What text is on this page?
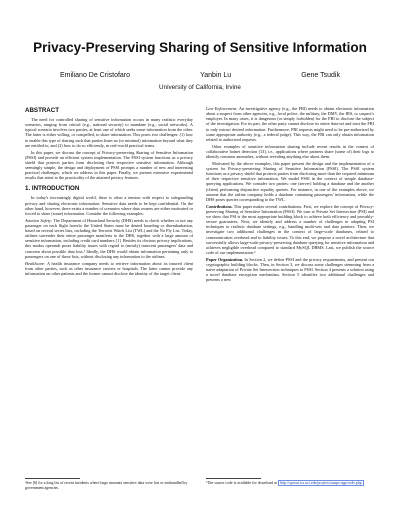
Privacy-Preserving Sharing of Sensitive Information
Emiliano De Cristofaro	Yanbin Lu	Gene Tsudik
University of California, Irvine
ABSTRACT

The need for controlled sharing of sensitive information occurs in many realistic everyday scenarios, ranging from critical (e.g., national security) to mundane (e.g., social networks). A typical scenario involves two parties, at least one of which seeks some information from the other. The latter is either willing, or compelled, to share information. This poses two challenges: (1) how to enable this type of sharing such that parties learn no (or minimal) information beyond what they are entitled to, and (2) how to do so efficiently, in real-world practical terms.

In this paper, we discuss the concept of Privacy-preserving Sharing of Sensitive Information (PSSI) and provide an efficient system implementation. The PSSI system functions as a privacy shield that protects parties from disclosing their respective sensitive information. Although seemingly simple, the design and deployment of PSSI prompts a number of new and interesting practical challenges, which we address in this paper. Finally, we present extensive experimental results that attest to the practicality of the attained privacy features.

1. INTRODUCTION

In today's increasingly digital world, there is often a tension with respect to safeguarding privacy and sharing electronic information. Sensitive data needs to be kept confidential. On the other hand, however, there exists a number of scenarios where data owners are either motivated or forced to share (some) information. Consider the following examples:

Aviation Safety: The Department of Homeland Security (DHS) needs to check whether or not any passenger on each flight from/to the United States must be denied boarding or disembarkation, based on several secret lists, including the Terrorist Watch List (TWL) and the No Fly List. Today, airlines surrender their entire passenger manifests to the DHS, together with a large amount of sensitive information, including credit card numbers [1]. Besides its obvious privacy implications, this modus operandi poses liability issues with regard to (mostly) innocent passengers' data and concerns about possible data loss.¹ Ideally, the DHS would obtain information pertaining only to passengers on one of those lists, without disclosing any information to the airlines.

Healthcare: A health insurance company needs to retrieve information about its insured client from other parties, such as other insurance carriers or hospitals. The latter cannot provide any information on other patients and the former cannot disclose the identity of the target client.

Law Enforcement: An investigative agency (e.g., the FBI) needs to obtain electronic information about a suspect from other agencies, e.g., local police, the military, the DMV, the IRS, or suspect's employer. In many cases, it is dangerous (or simply forbidden) for the FBI to disclose the subject of the investigation. For its part, the other party cannot disclose its entire data-set and trust the FBI to only extract desired information. Furthermore, FBI requests might need to be pre-authorized by some appropriate authority (e.g., a federal judge). This way, the FBI can only obtain information related to authorized requests.

Other examples of sensitive information sharing include recent results in the context of collaborative botnet detection [13], i.e., applications where partners share (some of) their logs to identify common anomalies, without revealing anything else about them.

Motivated by the above examples, this paper present the design and the implementation of a system for Privacy-preserving Sharing of Sensitive Information (PSSI). The PSSI system functions as a privacy shield that protects parties from disclosing more than the required minimum of their respective sensitive information. We model PSSI in the context of simple database-querying applications. We consider two parties: one (server) holding a database and the another (client) performing disjunctive equality queries. For instance, in one of the examples above, we assume that the airline company holds a database containing passengers' information, while the DHS poses queries corresponding to the TWL.

Contributions. This paper makes several contributions. First, we explore the concept of Privacy-preserving Sharing of Sensitive Information (PSSI). We turn to Private Set Intersection (PSI) and we show that PSI is the most appropriate building block to achieve both efficiency and provably-secure guarantees. Next, we identify and address a number of challenges in adapting PSI techniques to realistic database settings, e.g., handling multi-sets and data pointers. Then, we investigate two additional challenges in the context of large-scale databases, related to communication overhead and to liability issues. To this end, we propose a novel architecture that successfully allows large-scale privacy-preserving database querying for sensitive information and achieves negligible overhead compared to standard MySQL DBMS. Last, we publish the source code of our implementation.²

Paper Organization. In Section 2, we define PSSI and the privacy requirements, and present our cryptographic building blocks. Then, in Section 3, we discuss some challenges stemming from a naive adaptation of Private Set Intersection techniques to PSSI. Section 4 presents a solution using a novel database encryption mechanism. Section 5 identifies two additional challenges and presents a new

¹See [6] for a long list of recent incidents where large amounts sensitive data were lost or mishandled by government agencies.
²The source code is available for download at http://sprout.ics.uci.edu/projects/usaps-app/code.php
